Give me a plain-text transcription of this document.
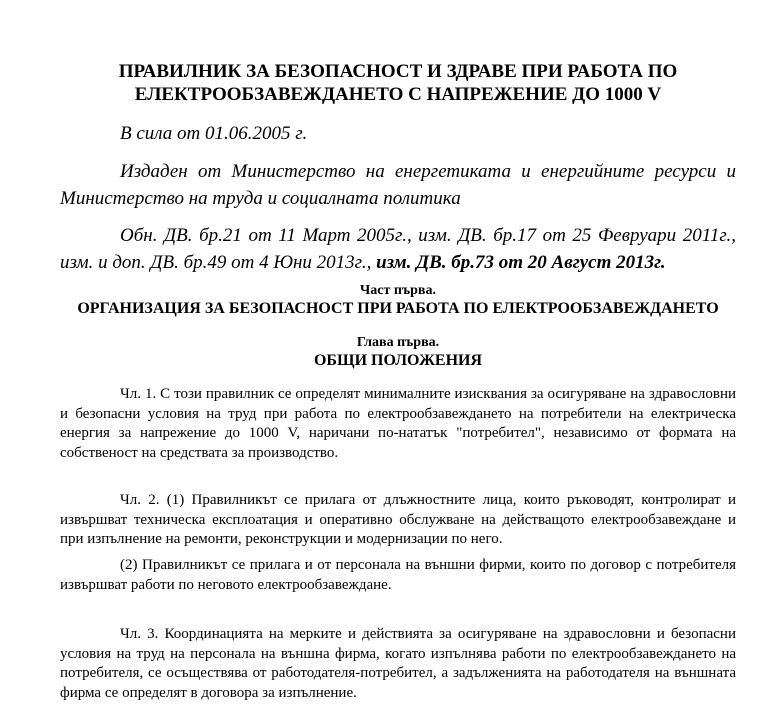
ПРАВИЛНИК ЗА БЕЗОПАСНОСТ И ЗДРАВЕ ПРИ РАБОТА ПО ЕЛЕКТРООБЗАВЕЖДАНЕТО С НАПРЕЖЕНИЕ ДО 1000 V

В сила от 01.06.2005 г.

Издаден от Министерство на енергетиката и енергийните ресурси и Министерство на труда и социалната политика

Обн. ДВ. бр.21 от 11 Март 2005г., изм. ДВ. бр.17 от 25 Февруари 2011г., изм. и доп. ДВ. бр.49 от 4 Юни 2013г., изм. ДВ. бр.73 от 20 Август 2013г.

Част първа.
ОРГАНИЗАЦИЯ ЗА БЕЗОПАСНОСТ ПРИ РАБОТА ПО ЕЛЕКТРООБЗАВЕЖДАНЕТО
Глава първа.
ОБЩИ ПОЛОЖЕНИЯ

Чл. 1. С този правилник се определят минималните изисквания за осигуряване на здравословни и безопасни условия на труд при работа по електрообзавеждането на потребители на електрическа енергия за напрежение до 1000 V, наричани по-нататък "потребител", независимо от формата на собственост на средствата за производство.

Чл. 2. (1) Правилникът се прилага от длъжностните лица, които ръководят, контролират и извършват техническа експлоатация и оперативно обслужване на действащото електрообзавеждане и при изпълнение на ремонти, реконструкции и модернизации по него.

(2) Правилникът се прилага и от персонала на външни фирми, които по договор с потребителя извършват работи по неговото електрообзавеждане.

Чл. 3. Координацията на мерките и действията за осигуряване на здравословни и безопасни условия на труд на персонала на външна фирма, когато изпълнява работи по електрообзавеждането на потребителя, се осъществява от работодателя-потребител, а задълженията на работодателя на външната фирма се определят в договора за изпълнение.
